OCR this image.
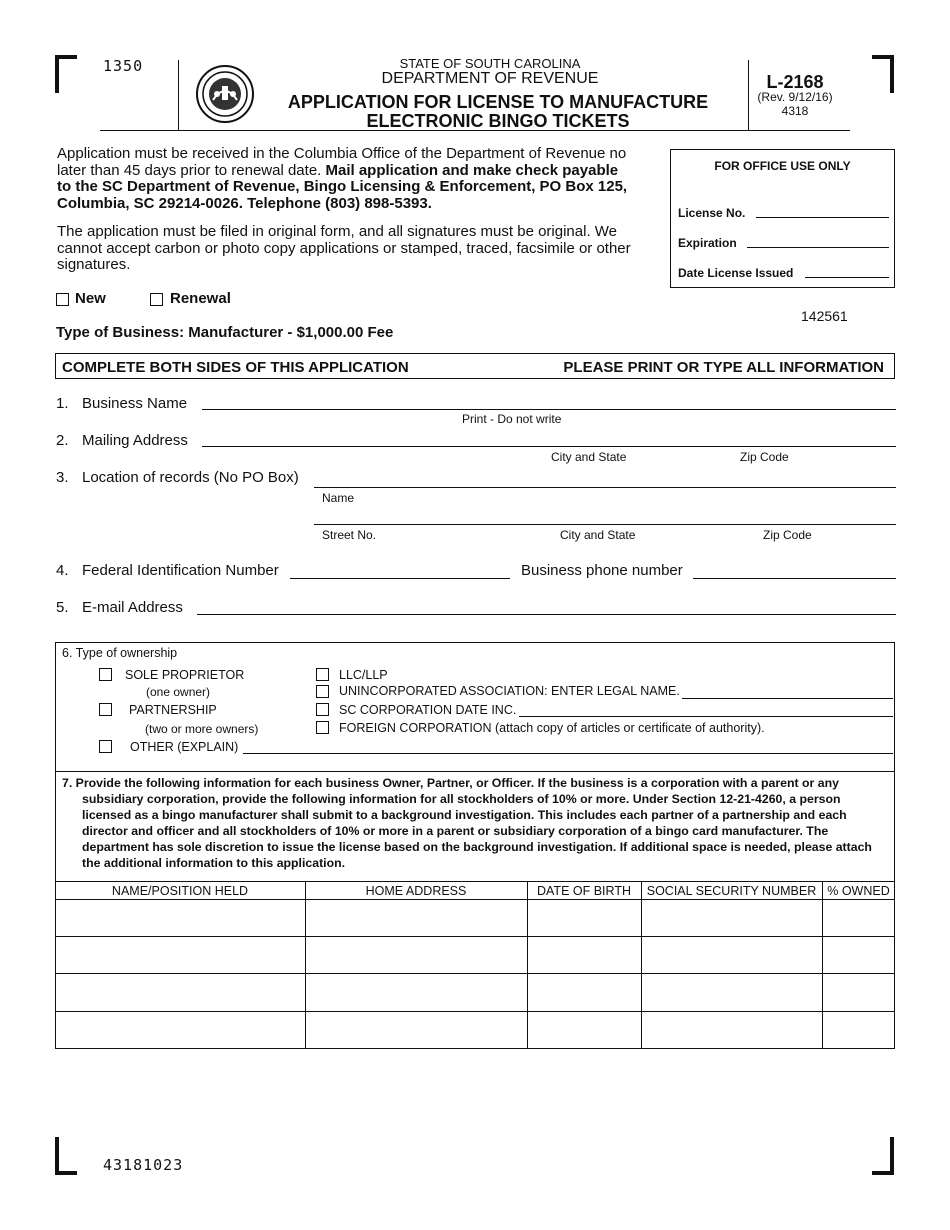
1350
43181023
STATE OF SOUTH CAROLINA
DEPARTMENT OF REVENUE
APPLICATION FOR LICENSE TO MANUFACTURE
ELECTRONIC BINGO TICKETS
L-2168
(Rev. 9/12/16)
4318
Application must be received in the Columbia Office of the Department of Revenue no later than 45 days prior to renewal date. Mail application and make check payable to the SC Department of Revenue, Bingo Licensing & Enforcement, PO Box 125, Columbia, SC 29214-0026. Telephone (803) 898-5393.
The application must be filed in original form, and all signatures must be original. We cannot accept carbon or photo copy applications or stamped, traced, facsimile or other signatures.
FOR OFFICE USE ONLY
License No.
Expiration
Date License Issued
New	Renewal
142561
Type of Business: Manufacturer - $1,000.00 Fee
COMPLETE BOTH SIDES OF THIS APPLICATION	PLEASE PRINT OR TYPE ALL INFORMATION
1. Business Name
Print - Do not write
2. Mailing Address
City and State	Zip Code
3. Location of records (No PO Box)
Name
Street No.	City and State	Zip Code
4. Federal Identification Number	Business phone number
5. E-mail Address
6. Type of ownership
SOLE PROPRIETOR
(one owner)
PARTNERSHIP
(two or more owners)
OTHER (EXPLAIN)
LLC/LLP
UNINCORPORATED ASSOCIATION: ENTER LEGAL NAME.
SC CORPORATION DATE INC.
FOREIGN CORPORATION (attach copy of articles or certificate of authority).
7. Provide the following information for each business Owner, Partner, or Officer. If the business is a corporation with a parent or any subsidiary corporation, provide the following information for all stockholders of 10% or more. Under Section 12-21-4260, a person licensed as a bingo manufacturer shall submit to a background investigation. This includes each partner of a partnership and each director and officer and all stockholders of 10% or more in a parent or subsidiary corporation of a bingo card manufacturer. The department has sole discretion to issue the license based on the background investigation. If additional space is needed, please attach the additional information to this application.
NAME/POSITION HELD	HOME ADDRESS	DATE OF BIRTH	SOCIAL SECURITY NUMBER % OWNED
